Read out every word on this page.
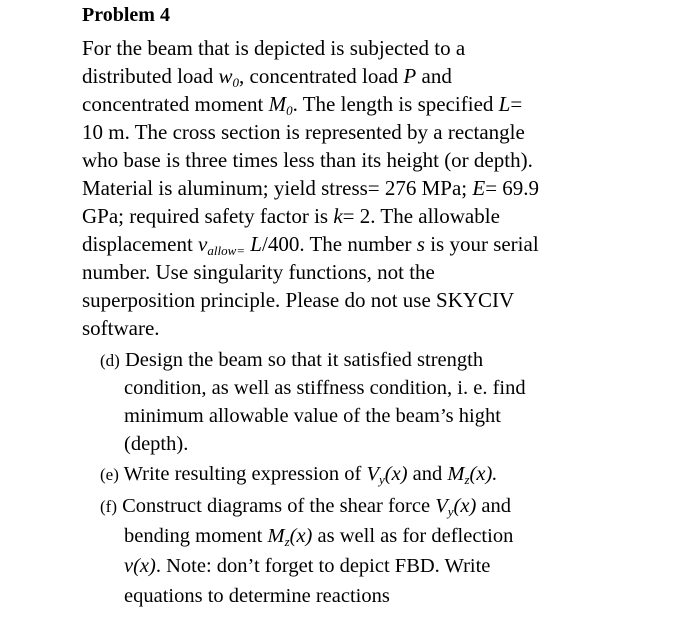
Problem 4
For the beam that is depicted is subjected to a
distributed load $w_0$, concentrated load P and
concentrated moment $M_0$. The length is specified L=
10 m. The cross section is represented by a rectangle
who base is three times less than its height (or depth).
Material is aluminum; yield stress= 276 MPa; E= 69.9
GPa; required safety factor is k= 2. The allowable
displacement $v_{allow=}$ L/400. The number s is your serial
number. Use singularity functions, not the
superposition principle. Please do not use SKYCIV
software.
(d) Design the beam so that it satisfied strength
condition, as well as stiffness condition, i. e. find
minimum allowable value of the beam’s hight
(depth).
(e) Write resulting expression of $V_y(x)$ and $M_z(x)$.
(f) Construct diagrams of the shear force $V_y(x)$ and
bending moment $M_z(x)$ as well as for deflection
v(x). Note: don’t forget to depict FBD. Write
equations to determine reactions
